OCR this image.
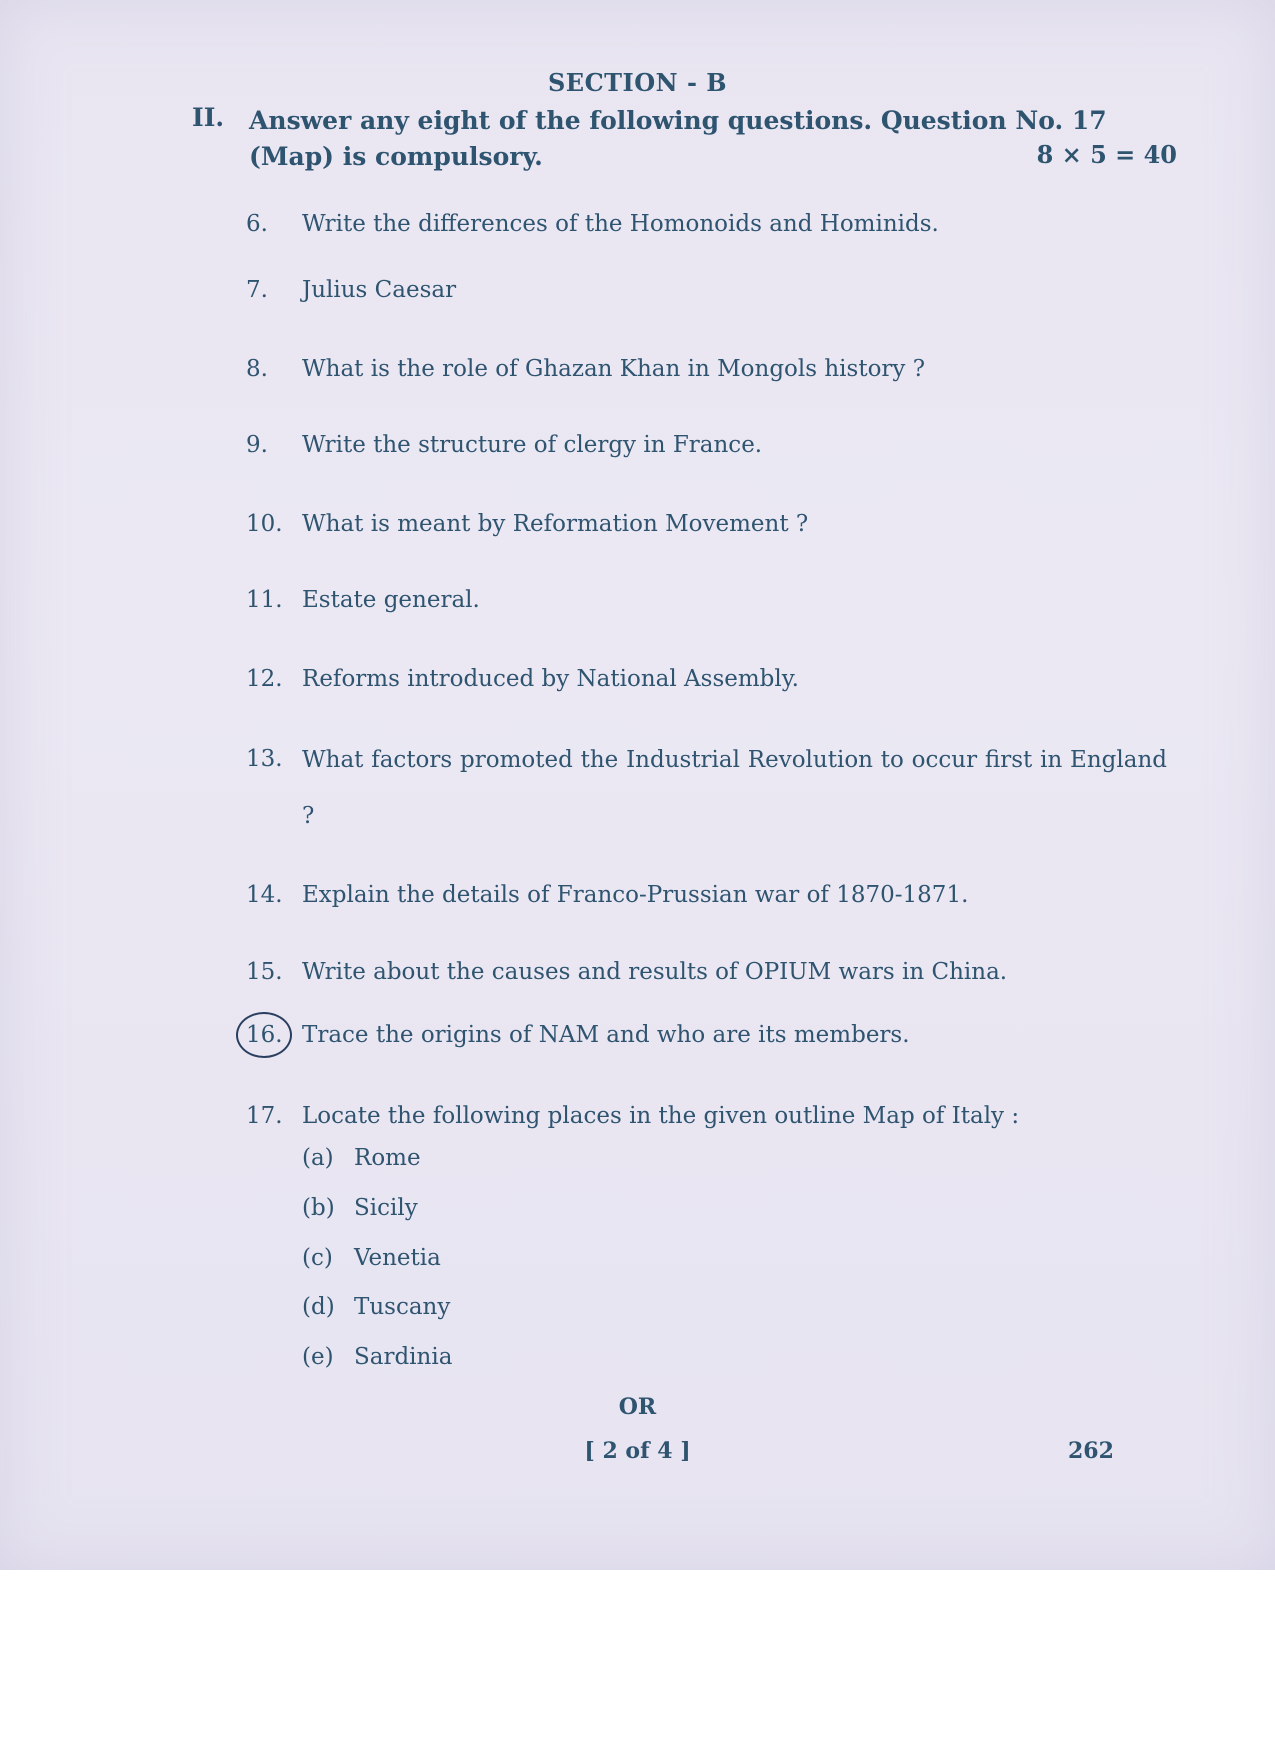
SECTION - B
II. Answer any eight of the following questions. Question No. 17 (Map) is compulsory.	8 × 5 = 40
6.	Write the differences of the Homonoids and Hominids.
7.	Julius Caesar
8.	What is the role of Ghazan Khan in Mongols history ?
9.	Write the structure of clergy in France.
10. What is meant by Reformation Movement ?
11. Estate general.
12. Reforms introduced by National Assembly.
13. What factors promoted the Industrial Revolution to occur first in England ?
14. Explain the details of Franco-Prussian war of 1870-1871.
15. Write about the causes and results of OPIUM wars in China.
16. Trace the origins of NAM and who are its members.
17. Locate the following places in the given outline Map of Italy :
(a) Rome
(b) Sicily
(c) Venetia
(d) Tuscany
(e) Sardinia
OR
[ 2 of 4 ]	262
